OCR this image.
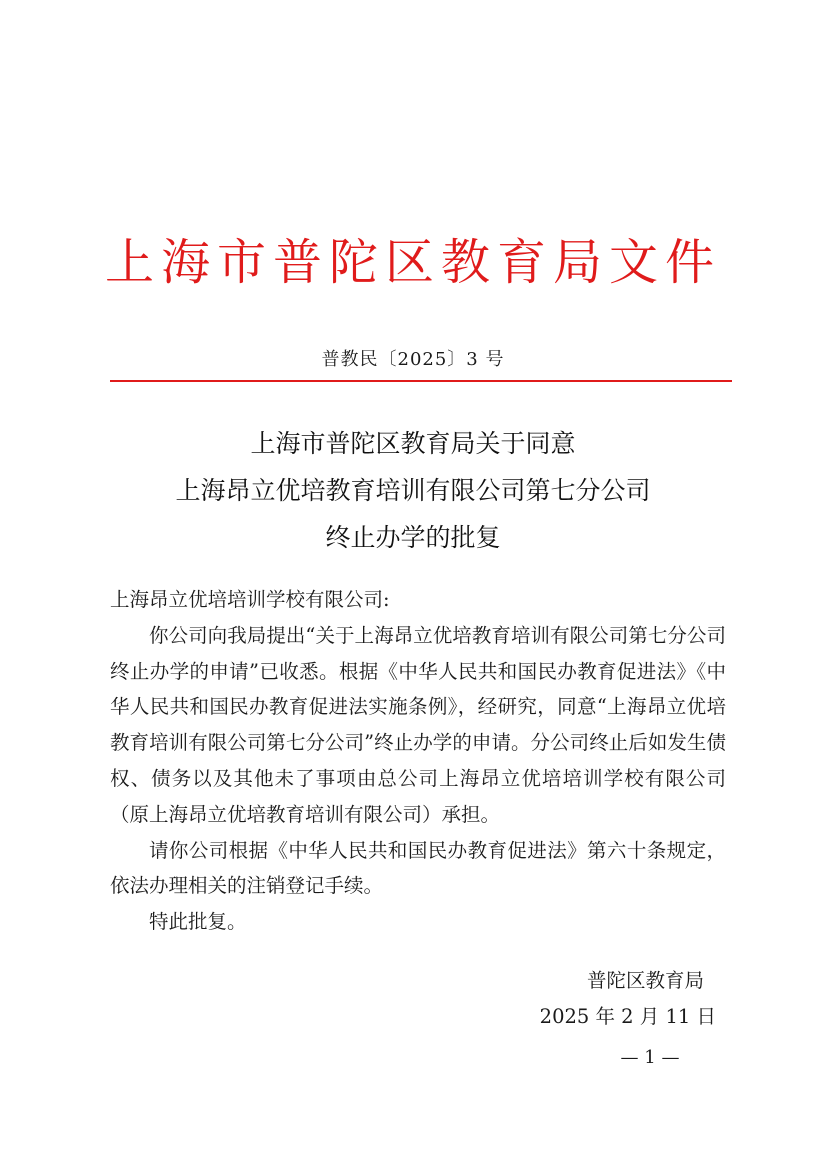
上海市普陀区教育局文件
普教民〔2025〕3 号
上海市普陀区教育局关于同意
上海昂立优培教育培训有限公司第七分公司
终止办学的批复

上海昂立优培培训学校有限公司:

你公司向我局提出“关于上海昂立优培教育培训有限公司第七分公司终止办学的申请”已收悉。根据《中华人民共和国民办教育促进法》《中华人民共和国民办教育促进法实施条例》，经研究，同意“上海昂立优培教育培训有限公司第七分公司”终止办学的申请。分公司终止后如发生债权、债务以及其他未了事项由总公司上海昂立优培培训学校有限公司（原上海昂立优培教育培训有限公司）承担。

请你公司根据《中华人民共和国民办教育促进法》第六十条规定，依法办理相关的注销登记手续。

特此批复。

普陀区教育局
2025 年 2 月 11 日
— 1 —
